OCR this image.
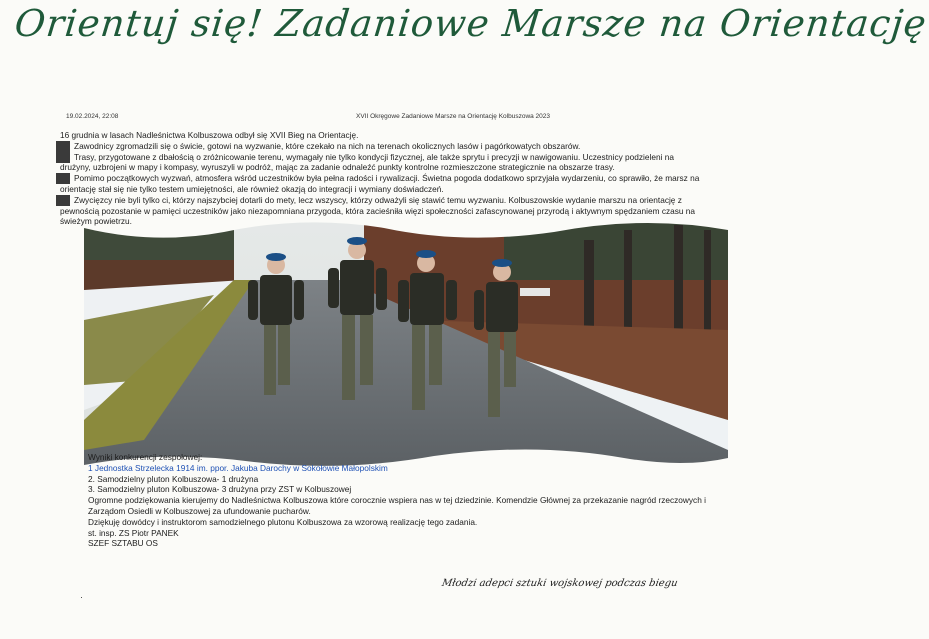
Orientuj się! Zadaniowe Marsze na Orientację
19.02.2024, 22:08	XVII Okręgowe Zadaniowe Marsze na Orientację Kolbuszowa 2023

16 grudnia w lasach Nadleśnictwa Kolbuszowa odbył się XVII Bieg na Orientację.

Zawodnicy zgromadzili się o świcie, gotowi na wyzwanie, które czekało na nich na terenach okolicznych lasów i pagórkowatych obszarów.

Trasy, przygotowane z dbałością o zróżnicowanie terenu, wymagały nie tylko kondycji fizycznej, ale także sprytu i precyzji w nawigowaniu. Uczestnicy podzieleni na

drużyny, uzbrojeni w mapy i kompasy, wyruszyli w podróż, mając za zadanie odnaleźć punkty kontrolne rozmieszczone strategicznie na obszarze trasy.

Pomimo początkowych wyzwań, atmosfera wśród uczestników była pełna radości i rywalizacji. Świetna pogoda dodatkowo sprzyjała wydarzeniu, co sprawiło, że marsz na

orientację stał się nie tylko testem umiejętności, ale również okazją do integracji i wymiany doświadczeń.

Zwycięzcy nie byli tylko ci, którzy najszybciej dotarli do mety, lecz wszyscy, którzy odważyli się stawić temu wyzwaniu. Kolbuszowskie wydanie marszu na orientację z

pewnością pozostanie w pamięci uczestników jako niezapomniana przygoda, która zacieśniła więzi społeczności zafascynowanej przyrodą i aktywnym spędzaniem czasu na

świeżym powietrzu.

Wyniki konkurencji zespołowej:

1 Jednostka Strzelecka 1914 im. ppor. Jakuba Darochy w Sokołowie Małopolskim

2. Samodzielny pluton Kolbuszowa- 1 drużyna

3. Samodzielny pluton Kolbuszowa- 3 drużyna przy ZST w Kolbuszowej

Ogromne podziękowania kierujemy do Nadleśnictwa Kolbuszowa które corocznie wspiera nas w tej dziedzinie. Komendzie Głównej za przekazanie nagród rzeczowych i

Zarządom Osiedli w Kolbuszowej za ufundowanie pucharów.

Dziękuję dowódcy i instruktorom samodzielnego plutonu Kolbuszowa za wzorową realizację tego zadania.

st. insp. ZS Piotr PANEK

SZEF SZTABU OS

Młodzi adepci sztuki wojskowej podczas biegu
·
